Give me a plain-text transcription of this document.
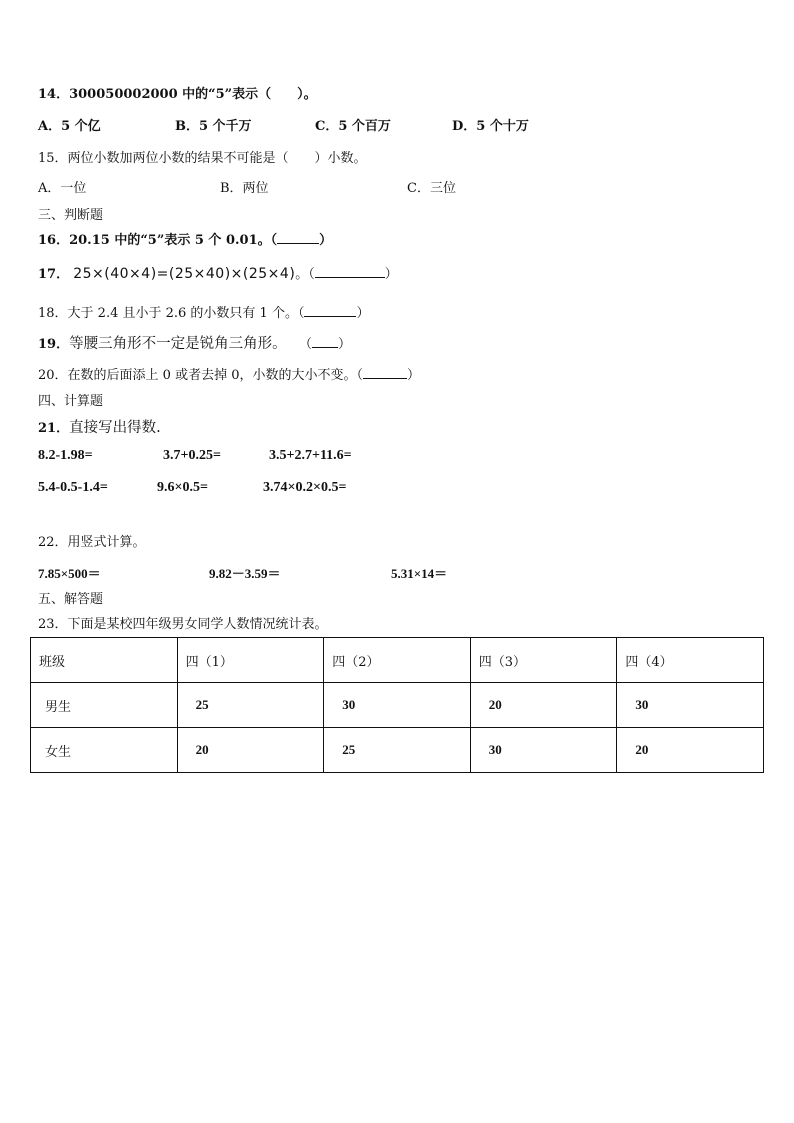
14．300050002000 中的“5”表示（　　）。
A．5 个亿	B．5 个千万	C．5 个百万	D．5 个十万
15．两位小数加两位小数的结果不可能是（　　）小数。
A．一位	B．两位	C．三位
三、判断题
16．20.15 中的“5”表示 5 个 0.01。（	）
17． 25×(40×4)=(25×40)×(25×4)。（	）
18．大于 2.4 且小于 2.6 的小数只有 1 个。（	）
19．等腰三角形不一定是锐角三角形。 （ ）
20．在数的后面添上 0 或者去掉 0，小数的大小不变。（	）
四、计算题
21．直接写出得数.
8.2-1.98=	3.7+0.25=	3.5+2.7+11.6=
5.4-0.5-1.4=	9.6×0.5=	3.74×0.2×0.5=
22．用竖式计算。
7.85×500＝	9.82－3.59＝	5.31×14＝
五、解答题
23．下面是某校四年级男女同学人数情况统计表。
班级	四（1）	四（2）	四（3）	四（4）
男生	25	30	20	30
女生	20	25	30	20
